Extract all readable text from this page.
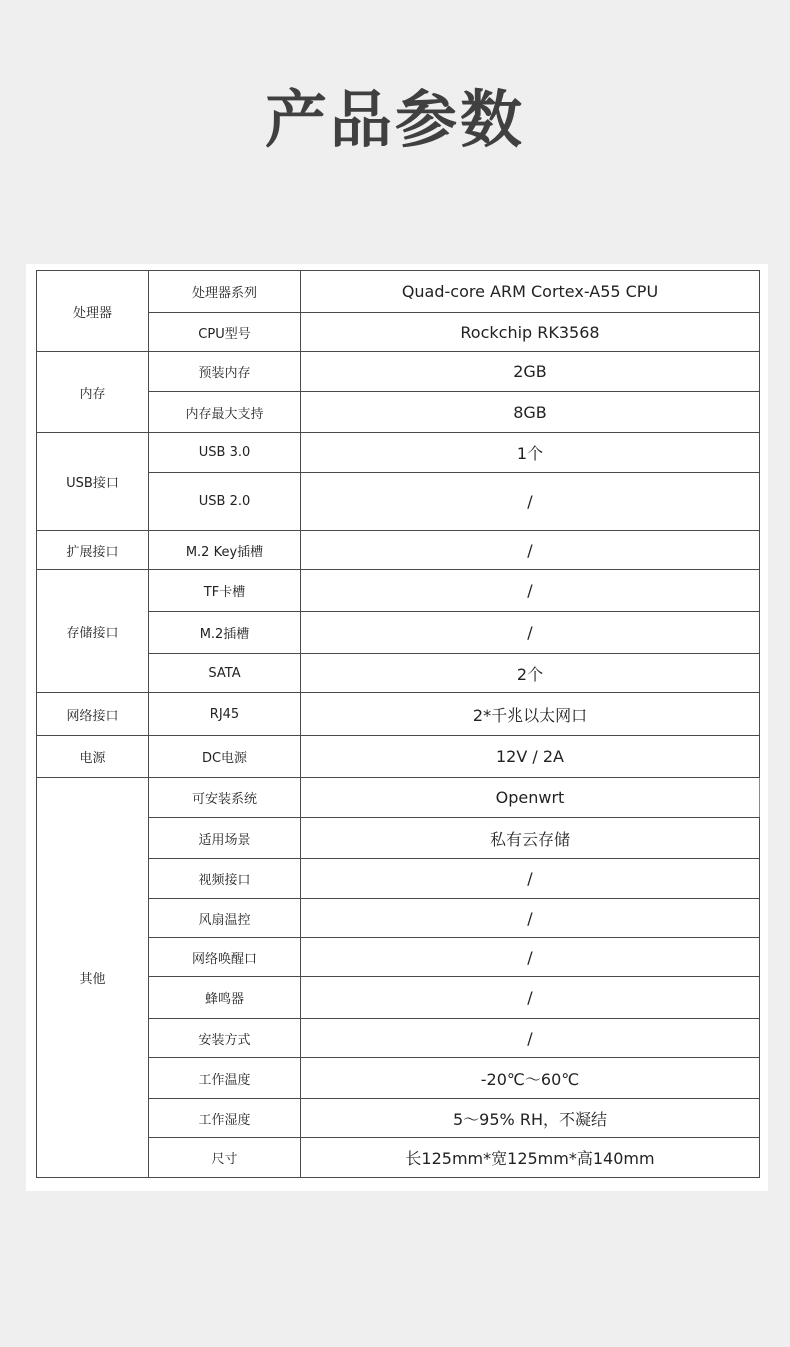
产品参数
处理器	处理器系列	Quad-core ARM Cortex-A55 CPU
	CPU型号	Rockchip RK3568
内存	预装内存	2GB
	内存最大支持	8GB
USB接口	USB 3.0	1个
	USB 2.0	/
扩展接口	M.2 Key插槽	/
存储接口	TF卡槽	/
	M.2插槽	/
	SATA	2个
网络接口	RJ45	2*千兆以太网口
电源	DC电源	12V / 2A
其他	可安装系统	Openwrt
	适用场景	私有云存储
	视频接口	/
	风扇温控	/
	网络唤醒口	/
	蜂鸣器	/
	安装方式	/
	工作温度	-20℃～60℃
	工作湿度	5～95% RH，不凝结
	尺寸	长125mm*宽125mm*高140mm
